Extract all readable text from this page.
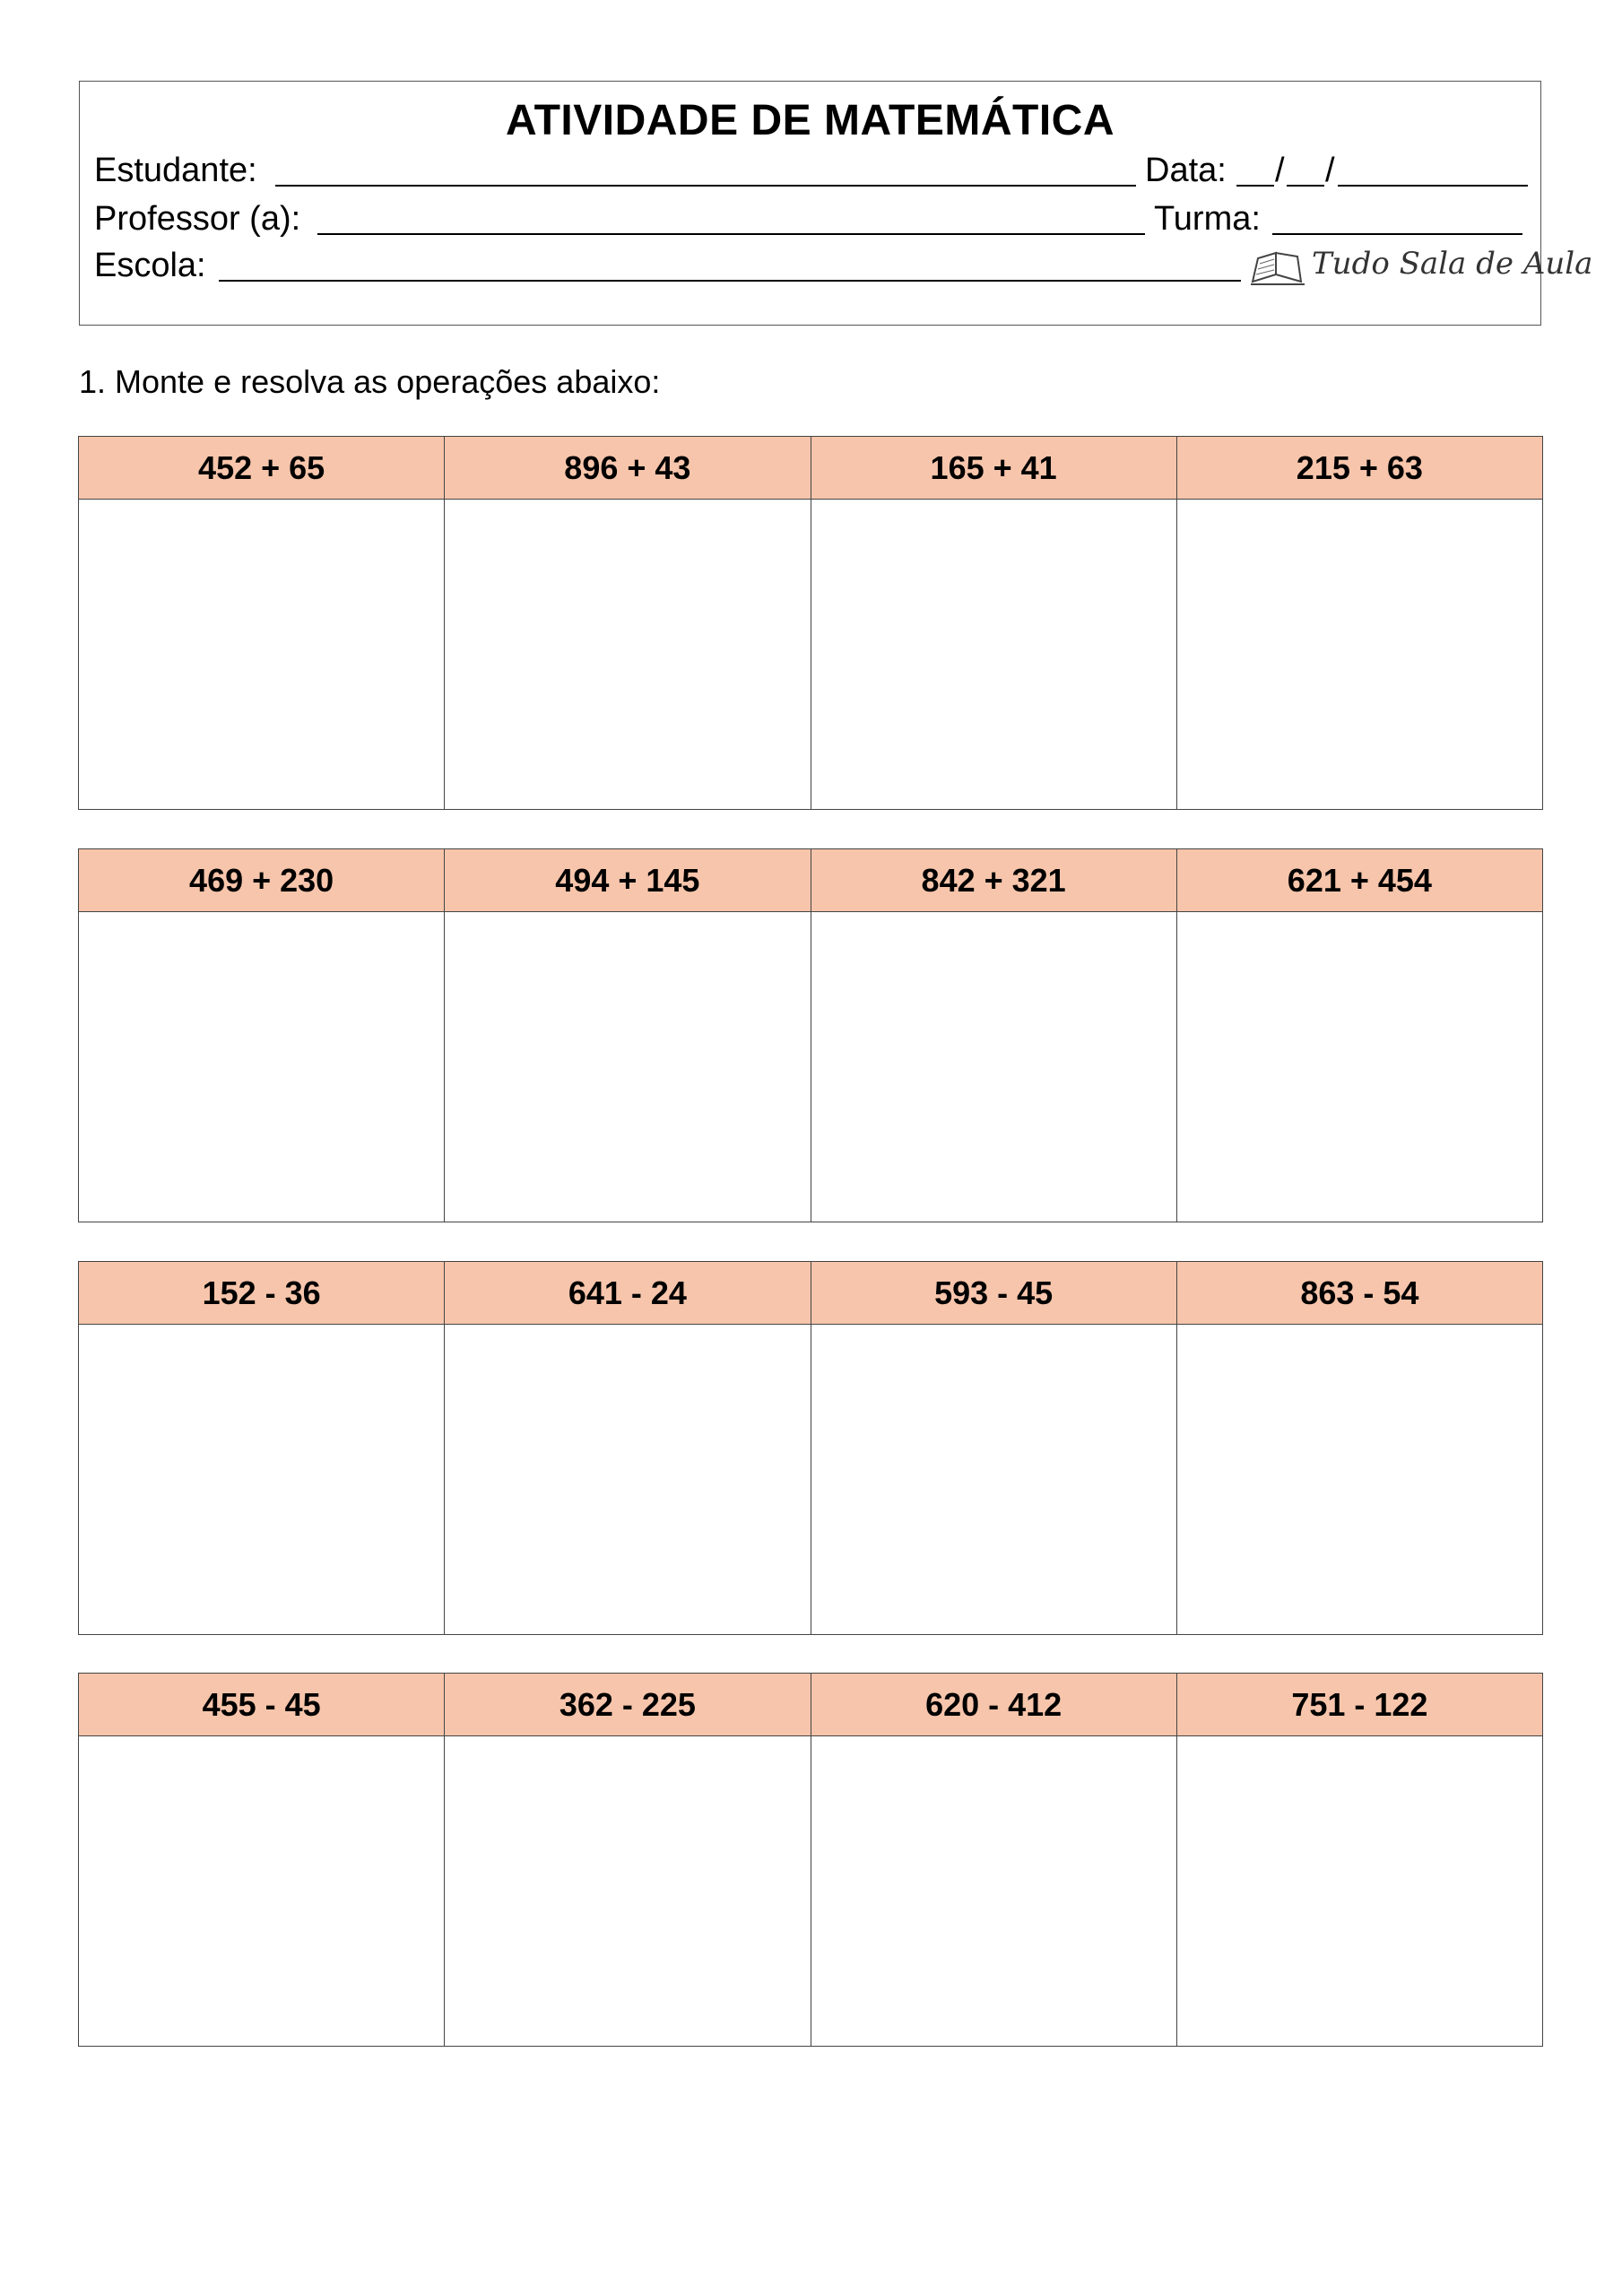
ATIVIDADE DE MATEMÁTICA
Estudante:	Data: / /
Professor (a):	Turma:
Escola:	Tudo Sala de Aula
1. Monte e resolva as operações abaixo:
452 + 65	896 + 43	165 + 41	215 + 63

469 + 230	494 + 145	842 + 321	621 + 454

152 - 36	641 - 24	593 - 45	863 - 54

455 - 45	362 - 225	620 - 412	751 - 122
